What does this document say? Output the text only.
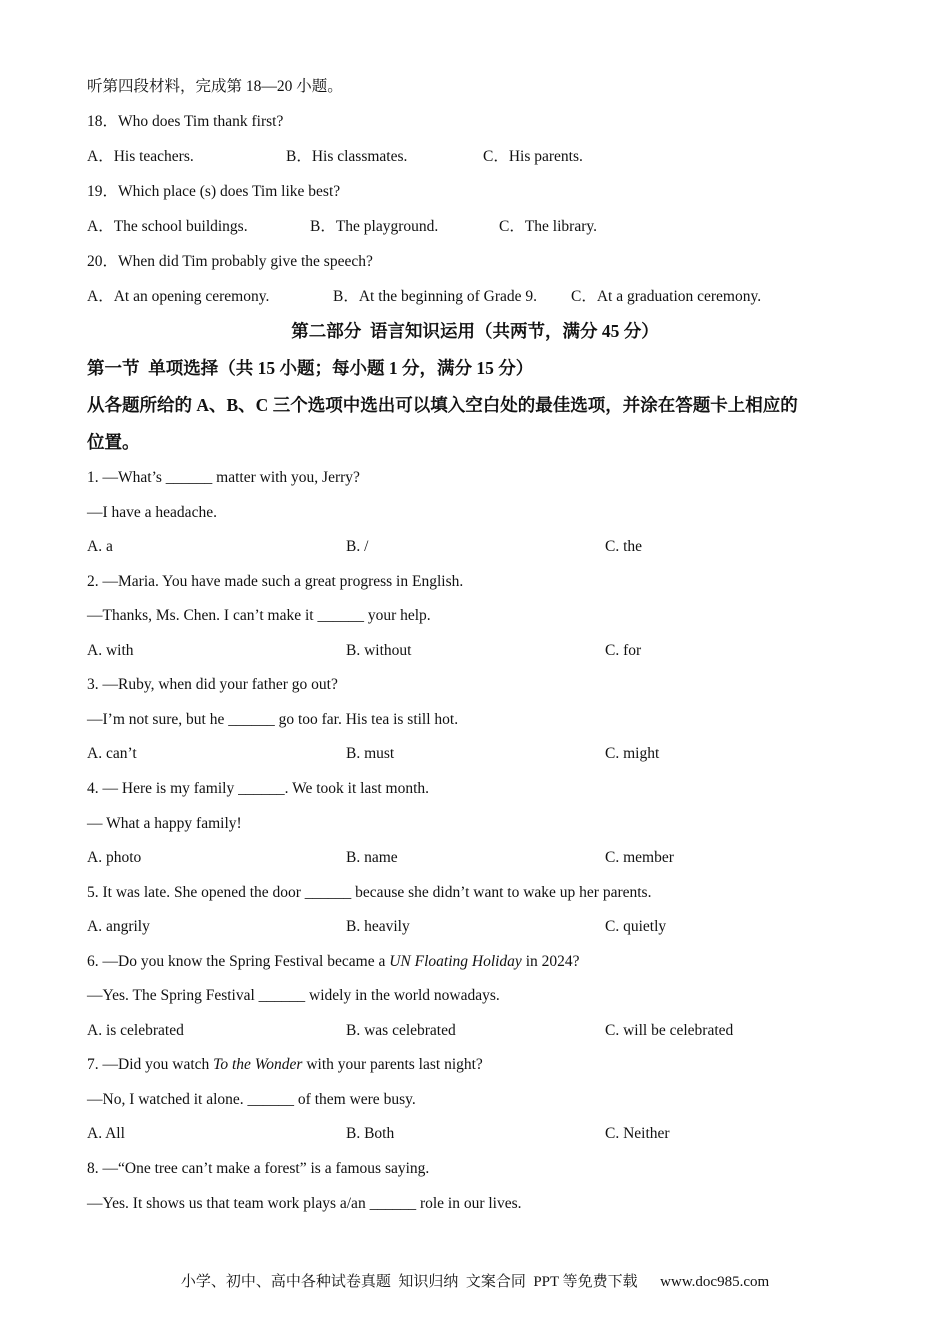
听第四段材料，完成第 18—20 小题。
18．Who does Tim thank first?
A．His teachers.	B．His classmates.	C．His parents.
19．Which place (s) does Tim like best?
A．The school buildings.	B．The playground.	C．The library.
20．When did Tim probably give the speech?
A．At an opening ceremony.	B．At the beginning of Grade 9. C．At a graduation ceremony.
第二部分  语言知识运用（共两节，满分 45 分）
第一节  单项选择（共 15 小题；每小题 1 分，满分 15 分）
从各题所给的 A、B、C 三个选项中选出可以填入空白处的最佳选项，并涂在答题卡上相应的
位置。
1. —What’s ______ matter with you, Jerry?
—I have a headache.
A. a	B. /	C. the
2. —Maria. You have made such a great progress in English.
—Thanks, Ms. Chen. I can’t make it ______ your help.
A. with	B. without	C. for
3. —Ruby, when did your father go out?
—I’m not sure, but he ______ go too far. His tea is still hot.
A. can’t	B. must	C. might
4. — Here is my family ______. We took it last month.
— What a happy family!
A. photo	B. name	C. member
5. It was late. She opened the door ______ because she didn’t want to wake up her parents.
A. angrily	B. heavily	C. quietly
6. —Do you know the Spring Festival became a UN Floating Holiday in 2024?
—Yes. The Spring Festival ______ widely in the world nowadays.
A. is celebrated	B. was celebrated	C. will be celebrated
7. —Did you watch To the Wonder with your parents last night?
—No, I watched it alone. ______ of them were busy.
A. All	B. Both	C. Neither
8. —“One tree can’t make a forest” is a famous saying.
—Yes. It shows us that team work plays a/an ______ role in our lives.
小学、初中、高中各种试卷真题  知识归纳  文案合同  PPT 等免费下载      www.doc985.com
